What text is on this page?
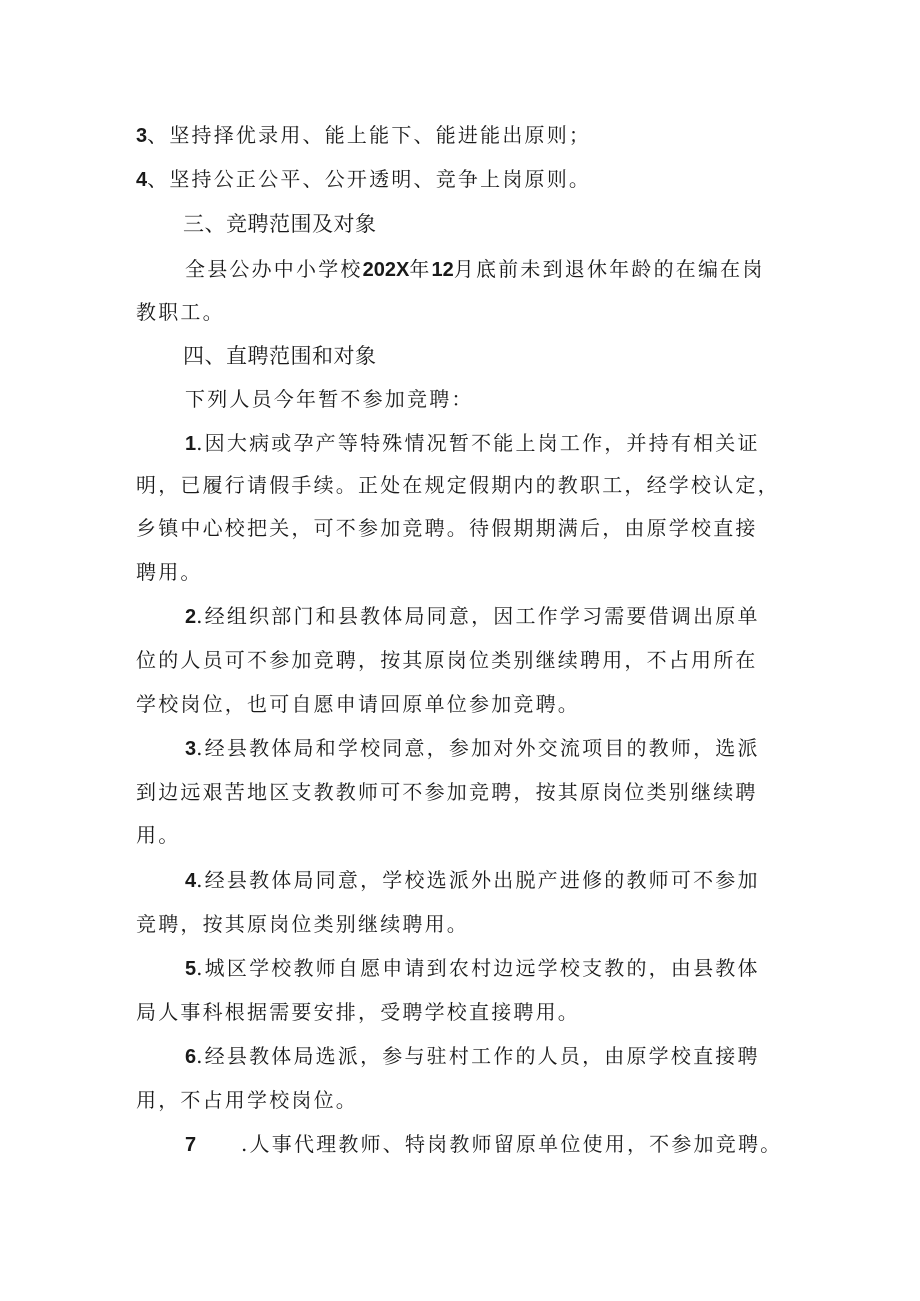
3、坚持择优录用、能上能下、能进能出原则；
4、坚持公正公平、公开透明、竞争上岗原则。
三、竞聘范围及对象
全县公办中小学校202X年12月底前未到退休年龄的在编在岗
教职工。
四、直聘范围和对象
下列人员今年暂不参加竞聘：
1.因大病或孕产等特殊情况暂不能上岗工作，并持有相关证
明，已履行请假手续。正处在规定假期内的教职工，经学校认定，
乡镇中心校把关，可不参加竞聘。待假期期满后，由原学校直接
聘用。
2.经组织部门和县教体局同意，因工作学习需要借调出原单
位的人员可不参加竞聘，按其原岗位类别继续聘用，不占用所在
学校岗位，也可自愿申请回原单位参加竞聘。
3.经县教体局和学校同意，参加对外交流项目的教师，选派
到边远艰苦地区支教教师可不参加竞聘，按其原岗位类别继续聘
用。
4.经县教体局同意，学校选派外出脱产进修的教师可不参加
竞聘，按其原岗位类别继续聘用。
5.城区学校教师自愿申请到农村边远学校支教的，由县教体
局人事科根据需要安排，受聘学校直接聘用。
6.经县教体局选派，参与驻村工作的人员，由原学校直接聘
用，不占用学校岗位。
7 .人事代理教师、特岗教师留原单位使用，不参加竞聘。
